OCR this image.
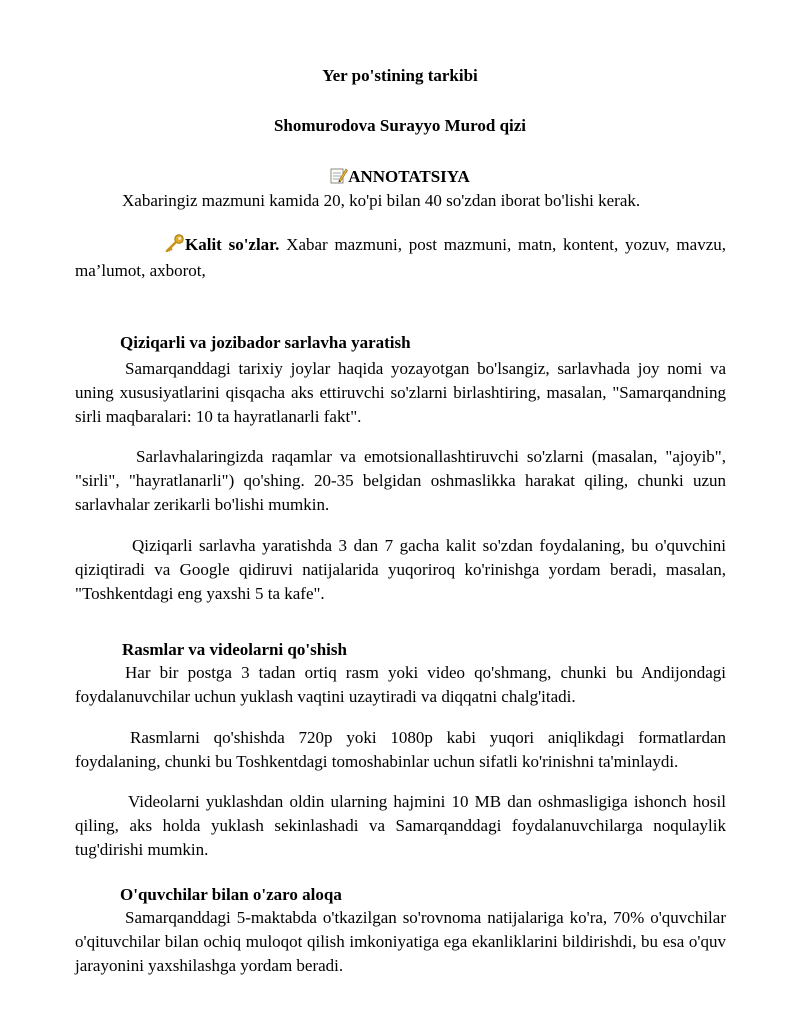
Yer po'stining tarkibi
Shomurodova Surayyo Murod qizi
ANNOTATSIYA
Xabaringiz mazmuni kamida 20, ko'pi bilan 40 so'zdan iborat bo'lishi kerak.
Kalit so'zlar. Xabar mazmuni, post mazmuni, matn, kontent, yozuv, mavzu, ma’lumot, axborot,
Qiziqarli va jozibador sarlavha yaratish
Samarqanddagi tarixiy joylar haqida yozayotgan bo'lsangiz, sarlavhada joy nomi va uning xususiyatlarini qisqacha aks ettiruvchi so'zlarni birlashtiring, masalan, "Samarqandning sirli maqbaralari: 10 ta hayratlanarli fakt".
Sarlavhalaringizda raqamlar va emotsionallashtiruvchi so'zlarni (masalan, "ajoyib", "sirli", "hayratlanarli") qo'shing. 20-35 belgidan oshmaslikka harakat qiling, chunki uzun sarlavhalar zerikarli bo'lishi mumkin.
Qiziqarli sarlavha yaratishda 3 dan 7 gacha kalit so'zdan foydalaning, bu o'quvchini qiziqtiradi va Google qidiruvi natijalarida yuqoriroq ko'rinishga yordam beradi, masalan, "Toshkentdagi eng yaxshi 5 ta kafe".
Rasmlar va videolarni qo'shish
Har bir postga 3 tadan ortiq rasm yoki video qo'shmang, chunki bu Andijondagi foydalanuvchilar uchun yuklash vaqtini uzaytiradi va diqqatni chalg'itadi.
Rasmlarni qo'shishda 720p yoki 1080p kabi yuqori aniqlikdagi formatlardan foydalaning, chunki bu Toshkentdagi tomoshabinlar uchun sifatli ko'rinishni ta'minlaydi.
Videolarni yuklashdan oldin ularning hajmini 10 MB dan oshmasligiga ishonch hosil qiling, aks holda yuklash sekinlashadi va Samarqanddagi foydalanuvchilarga noqulaylik tug'dirishi mumkin.
O'quvchilar bilan o'zaro aloqa
Samarqanddagi 5-maktabda o'tkazilgan so'rovnoma natijalariga ko'ra, 70% o'quvchilar o'qituvchilar bilan ochiq muloqot qilish imkoniyatiga ega ekanliklarini bildirishdi, bu esa o'quv jarayonini yaxshilashga yordam beradi.
